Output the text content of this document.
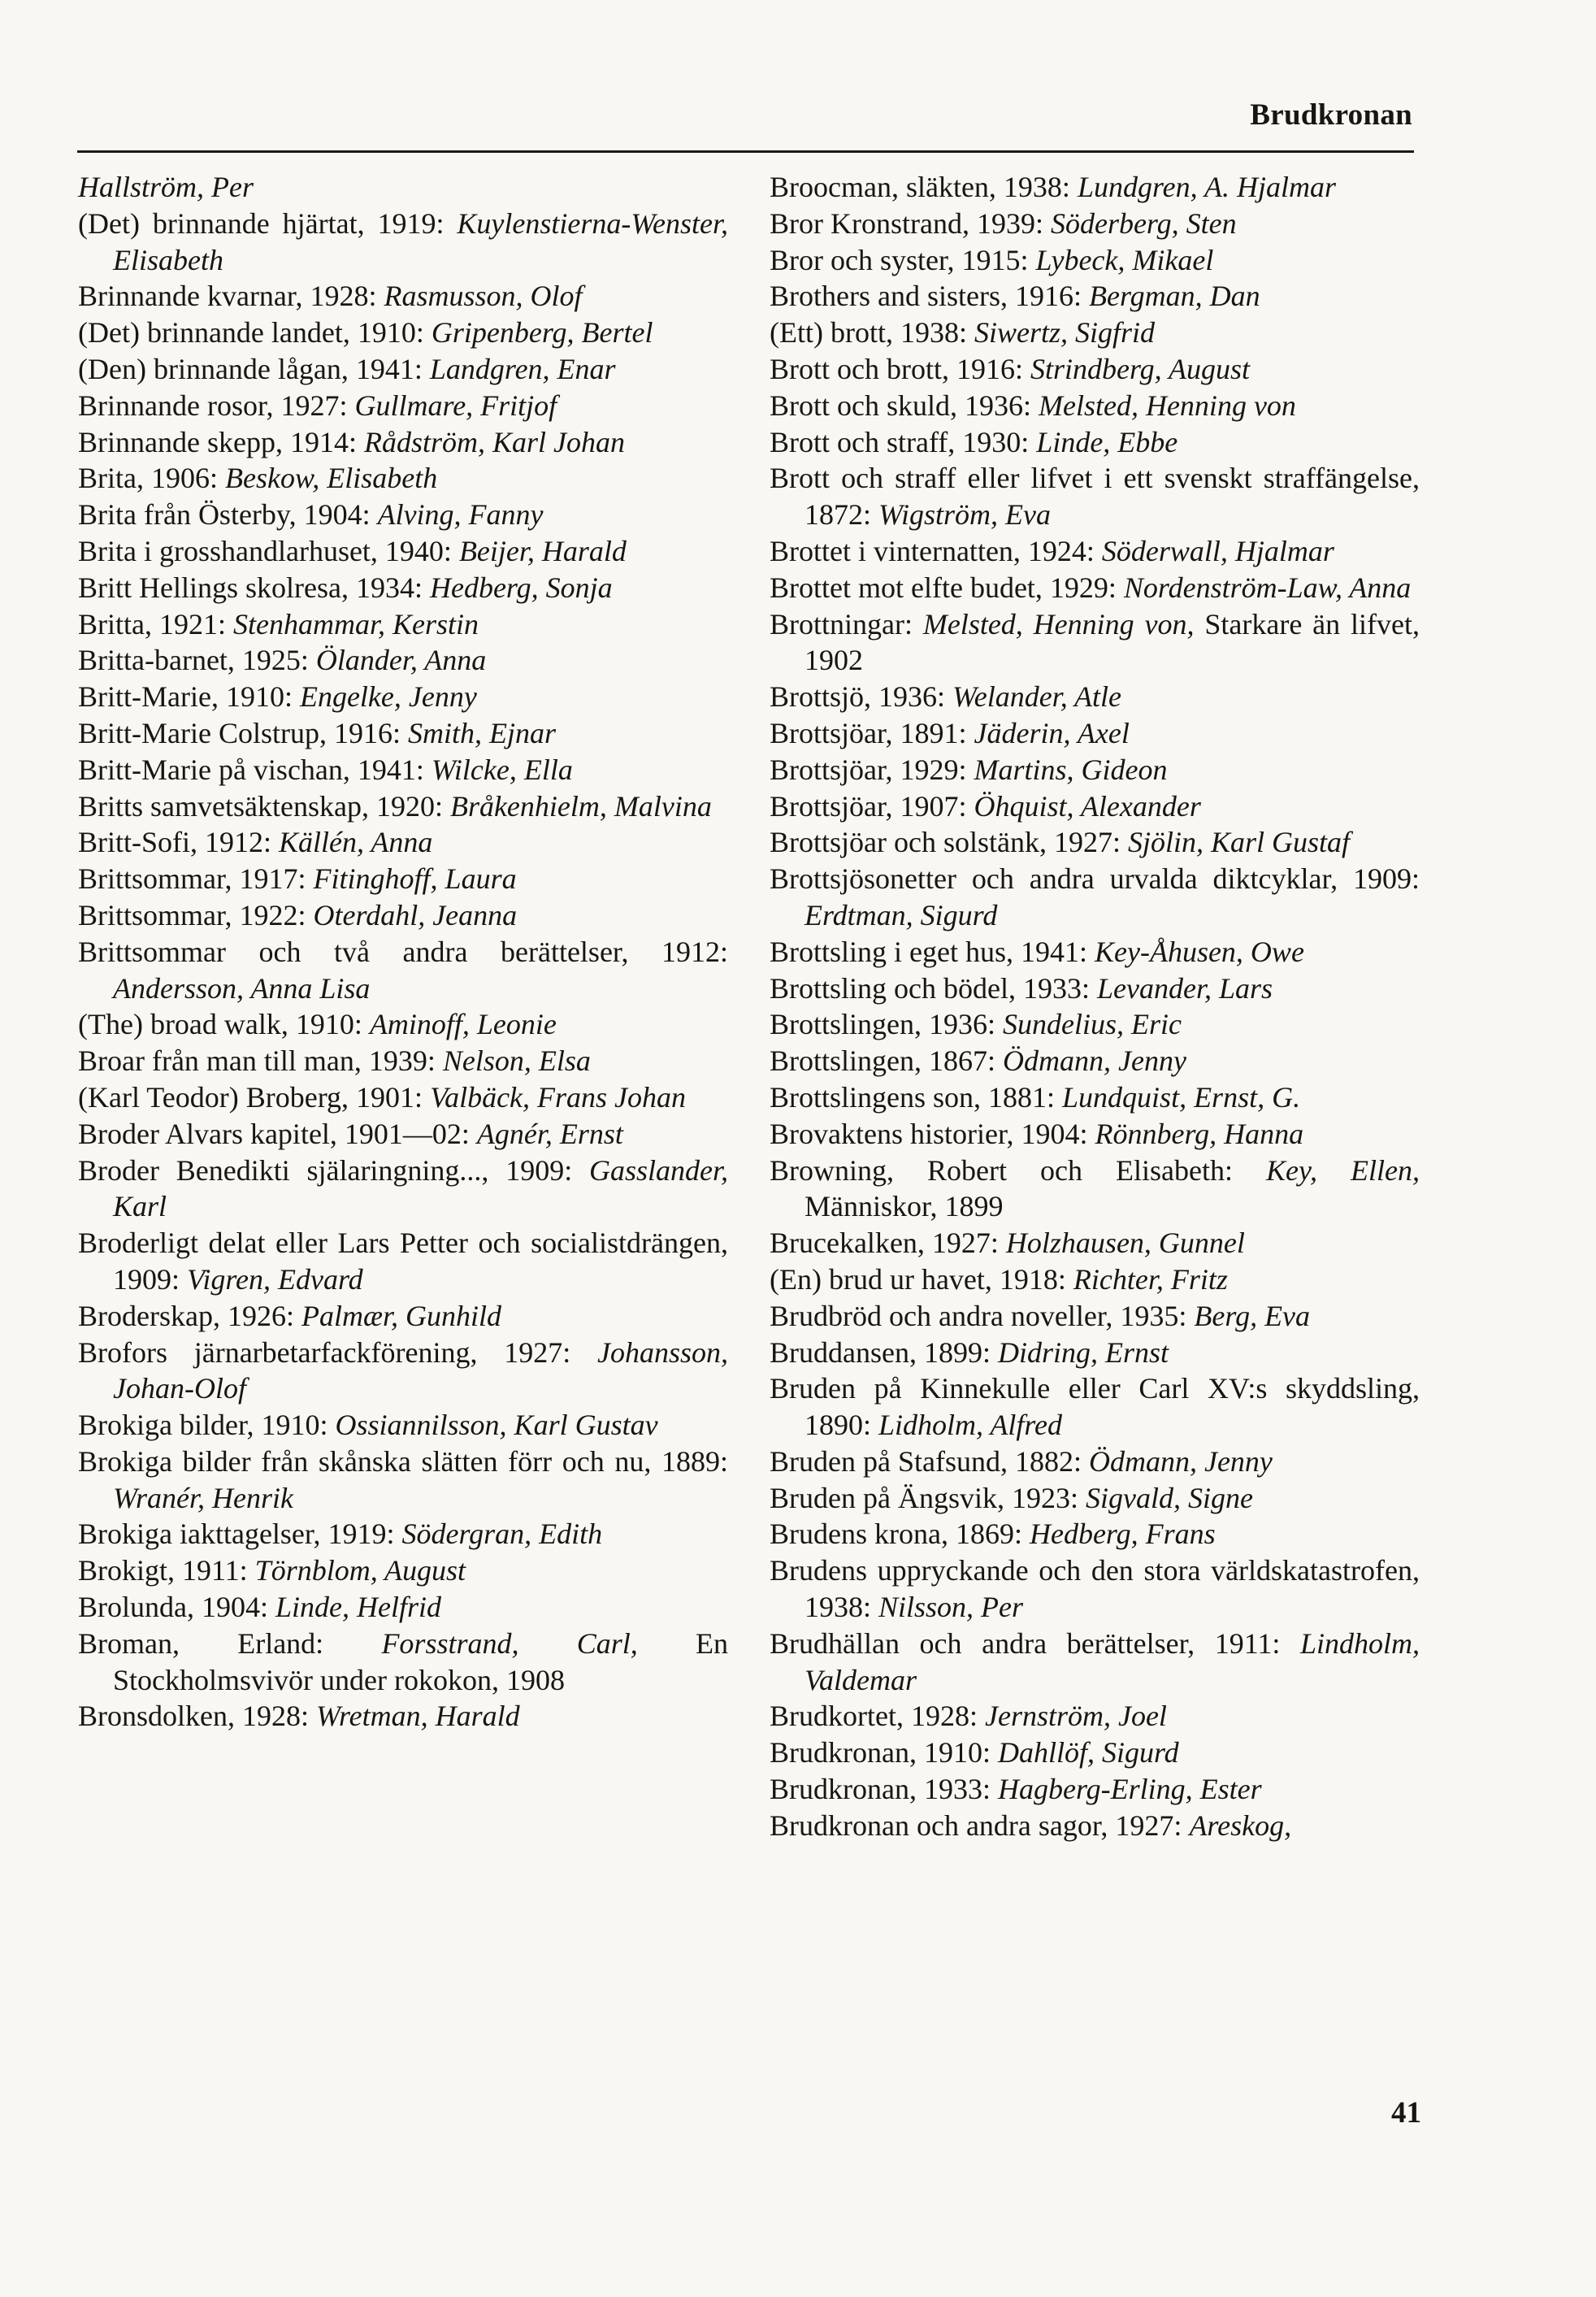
Brudkronan

Hallström, Per

(Det) brinnande hjärtat, 1919: Kuylenstierna-Wenster, Elisabeth

Brinnande kvarnar, 1928: Rasmusson, Olof

(Det) brinnande landet, 1910: Gripenberg, Bertel

(Den) brinnande lågan, 1941: Landgren, Enar

Brinnande rosor, 1927: Gullmare, Fritjof

Brinnande skepp, 1914: Rådström, Karl Johan

Brita, 1906: Beskow, Elisabeth

Brita från Österby, 1904: Alving, Fanny

Brita i grosshandlarhuset, 1940: Beijer, Harald

Britt Hellings skolresa, 1934: Hedberg, Sonja

Britta, 1921: Stenhammar, Kerstin

Britta-barnet, 1925: Ölander, Anna

Britt-Marie, 1910: Engelke, Jenny

Britt-Marie Colstrup, 1916: Smith, Ejnar

Britt-Marie på vischan, 1941: Wilcke, Ella

Britts samvetsäktenskap, 1920: Bråkenhielm, Malvina

Britt-Sofi, 1912: Källén, Anna

Brittsommar, 1917: Fitinghoff, Laura

Brittsommar, 1922: Oterdahl, Jeanna

Brittsommar och två andra berättelser, 1912: Andersson, Anna Lisa

(The) broad walk, 1910: Aminoff, Leonie

Broar från man till man, 1939: Nelson, Elsa

(Karl Teodor) Broberg, 1901: Valbäck, Frans Johan

Broder Alvars kapitel, 1901—02: Agnér, Ernst

Broder Benedikti själaringning..., 1909: Gasslander, Karl

Broderligt delat eller Lars Petter och socialistdrängen, 1909: Vigren, Edvard

Broderskap, 1926: Palmær, Gunhild

Brofors järnarbetarfackförening, 1927: Johansson, Johan-Olof

Brokiga bilder, 1910: Ossiannilsson, Karl Gustav

Brokiga bilder från skånska slätten förr och nu, 1889: Wranér, Henrik

Brokiga iakttagelser, 1919: Södergran, Edith

Brokigt, 1911: Törnblom, August

Brolunda, 1904: Linde, Helfrid

Broman, Erland: Forsstrand, Carl, En Stockholmsvivör under rokokon, 1908

Bronsdolken, 1928: Wretman, Harald

Broocman, släkten, 1938: Lundgren, A. Hjalmar

Bror Kronstrand, 1939: Söderberg, Sten

Bror och syster, 1915: Lybeck, Mikael

Brothers and sisters, 1916: Bergman, Dan

(Ett) brott, 1938: Siwertz, Sigfrid

Brott och brott, 1916: Strindberg, August

Brott och skuld, 1936: Melsted, Henning von

Brott och straff, 1930: Linde, Ebbe

Brott och straff eller lifvet i ett svenskt straffängelse, 1872: Wigström, Eva

Brottet i vinternatten, 1924: Söderwall, Hjalmar

Brottet mot elfte budet, 1929: Nordenström-Law, Anna

Brottningar: Melsted, Henning von, Starkare än lifvet, 1902

Brottsjö, 1936: Welander, Atle

Brottsjöar, 1891: Jäderin, Axel

Brottsjöar, 1929: Martins, Gideon

Brottsjöar, 1907: Öhquist, Alexander

Brottsjöar och solstänk, 1927: Sjölin, Karl Gustaf

Brottsjösonetter och andra urvalda diktcyklar, 1909: Erdtman, Sigurd

Brottsling i eget hus, 1941: Key-Åhusen, Owe

Brottsling och bödel, 1933: Levander, Lars

Brottslingen, 1936: Sundelius, Eric

Brottslingen, 1867: Ödmann, Jenny

Brottslingens son, 1881: Lundquist, Ernst, G.

Brovaktens historier, 1904: Rönnberg, Hanna

Browning, Robert och Elisabeth: Key, Ellen, Människor, 1899

Brucekalken, 1927: Holzhausen, Gunnel

(En) brud ur havet, 1918: Richter, Fritz

Brudbröd och andra noveller, 1935: Berg, Eva

Bruddansen, 1899: Didring, Ernst

Bruden på Kinnekulle eller Carl XV:s skyddsling, 1890: Lidholm, Alfred

Bruden på Stafsund, 1882: Ödmann, Jenny

Bruden på Ängsvik, 1923: Sigvald, Signe

Brudens krona, 1869: Hedberg, Frans

Brudens uppryckande och den stora världskatastrofen, 1938: Nilsson, Per

Brudhällan och andra berättelser, 1911: Lindholm, Valdemar

Brudkortet, 1928: Jernström, Joel

Brudkronan, 1910: Dahllöf, Sigurd

Brudkronan, 1933: Hagberg-Erling, Ester

Brudkronan och andra sagor, 1927: Areskog,

41
